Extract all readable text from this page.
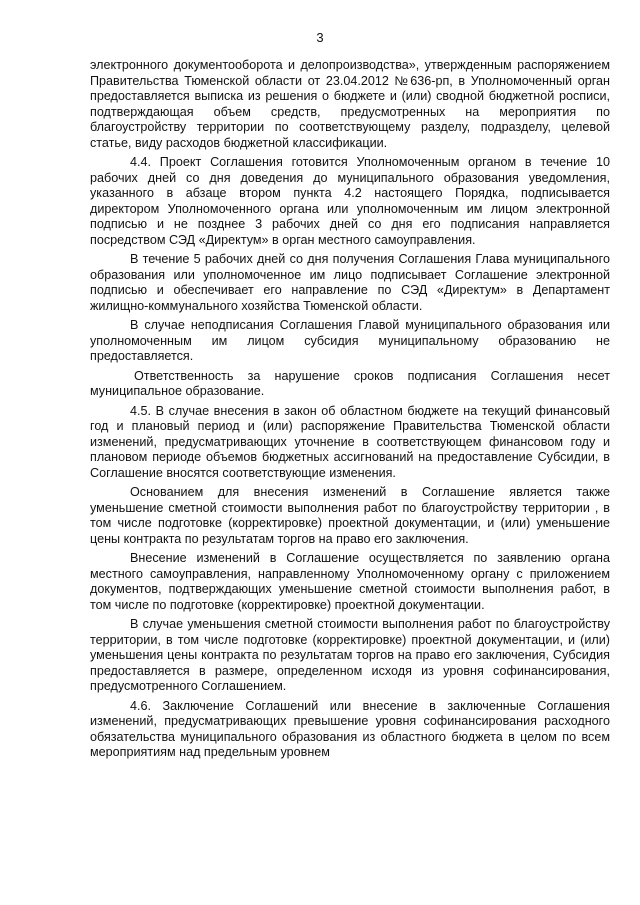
3

электронного документооборота и делопроизводства», утвержденным распоряжением Правительства Тюменской области от 23.04.2012 №636-рп, в Уполномоченный орган предоставляется выписка из решения о бюджете и (или) сводной бюджетной росписи, подтверждающая объем средств, предусмотренных на мероприятия по благоустройству территории по соответствующему разделу, подразделу, целевой статье, виду расходов бюджетной классификации.

4.4. Проект Соглашения готовится Уполномоченным органом в течение 10 рабочих дней со дня доведения до муниципального образования уведомления, указанного в абзаце втором пункта 4.2 настоящего Порядка, подписывается директором Уполномоченного органа или уполномоченным им лицом электронной подписью и не позднее 3 рабочих дней со дня его подписания направляется посредством СЭД «Директум» в орган местного самоуправления.

В течение 5 рабочих дней со дня получения Соглашения Глава муниципального образования или уполномоченное им лицо подписывает Соглашение электронной подписью и обеспечивает его направление по СЭД «Директум» в Департамент жилищно-коммунального хозяйства Тюменской области.

В случае неподписания Соглашения Главой муниципального образования или уполномоченным им лицом субсидия муниципальному образованию не предоставляется.

Ответственность за нарушение сроков подписания Соглашения несет муниципальное образование.

4.5. В случае внесения в закон об областном бюджете на текущий финансовый год и плановый период и (или) распоряжение Правительства Тюменской области изменений, предусматривающих уточнение в соответствующем финансовом году и плановом периоде объемов бюджетных ассигнований на предоставление Субсидии, в Соглашение вносятся соответствующие изменения.

Основанием для внесения изменений в Соглашение является также уменьшение сметной стоимости выполнения работ по благоустройству территории , в том числе подготовке (корректировке) проектной документации, и (или) уменьшение цены контракта по результатам торгов на право его заключения.

Внесение изменений в Соглашение осуществляется по заявлению органа местного самоуправления, направленному Уполномоченному органу с приложением документов, подтверждающих уменьшение сметной стоимости выполнения работ, в том числе по подготовке (корректировке) проектной документации.

В случае уменьшения сметной стоимости выполнения работ по благоустройству территории, в том числе подготовке (корректировке) проектной документации, и (или) уменьшения цены контракта по результатам торгов на право его заключения, Субсидия предоставляется в размере, определенном исходя из уровня софинансирования, предусмотренного Соглашением.

4.6. Заключение Соглашений или внесение в заключенные Соглашения изменений, предусматривающих превышение уровня софинансирования расходного обязательства муниципального образования из областного бюджета в целом по всем мероприятиям над предельным уровнем
